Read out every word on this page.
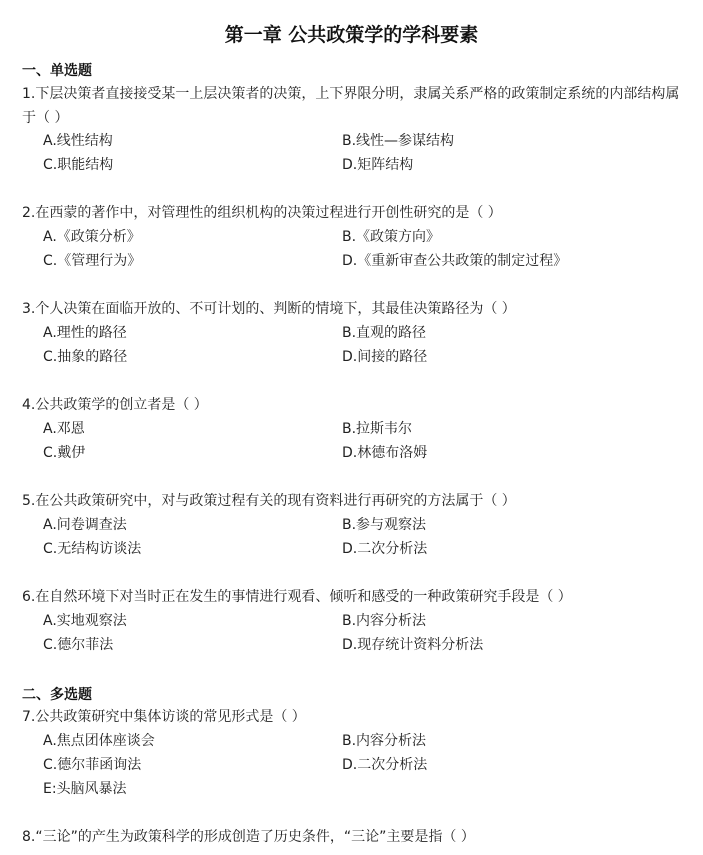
第一章 公共政策学的学科要素
一、单选题
1.下层决策者直接接受某一上层决策者的决策，上下界限分明，隶属关系严格的政策制定系统的内部结构属于（ ）
A.线性结构	B.线性—参谋结构
C.职能结构	D.矩阵结构
2.在西蒙的著作中，对管理性的组织机构的决策过程进行开创性研究的是（ ）
A.《政策分析》	B.《政策方向》
C.《管理行为》	D.《重新审查公共政策的制定过程》
3.个人决策在面临开放的、不可计划的、判断的情境下，其最佳决策路径为（ ）
A.理性的路径	B.直观的路径
C.抽象的路径	D.间接的路径
4.公共政策学的创立者是（ ）
A.邓恩	B.拉斯韦尔
C.戴伊	D.林德布洛姆
5.在公共政策研究中，对与政策过程有关的现有资料进行再研究的方法属于（ ）
A.问卷调查法	B.参与观察法
C.无结构访谈法	D.二次分析法
6.在自然环境下对当时正在发生的事情进行观看、倾听和感受的一种政策研究手段是（ ）
A.实地观察法	B.内容分析法
C.德尔菲法	D.现存统计资料分析法
二、多选题
7.公共政策研究中集体访谈的常见形式是（ ）
A.焦点团体座谈会	B.内容分析法
C.德尔菲函询法	D.二次分析法
E:头脑风暴法
8.“三论”的产生为政策科学的形成创造了历史条件，“三论”主要是指（ ）
